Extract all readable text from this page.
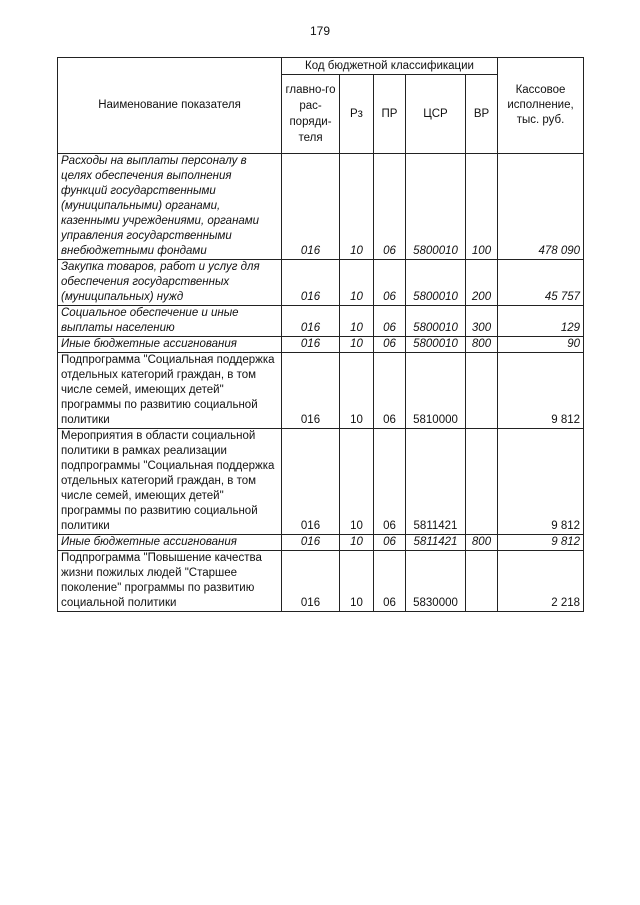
179
Наименование показателя	Код бюджетной классификации					Кассовое исполнение, тыс. руб.
	главно-го рас-поряди-теля	Рз	ПР	ЦСР	ВР	
Расходы на выплаты персоналу в целях обеспечения выполнения функций государственными (муниципальными) органами, казенными учреждениями, органами управления государственными внебюджетными фондами	016	10	06	5800010	100	478 090
Закупка товаров, работ и услуг для обеспечения государственных (муниципальных) нужд	016	10	06	5800010	200	45 757
Социальное обеспечение и иные выплаты населению	016	10	06	5800010	300	129
Иные бюджетные ассигнования	016	10	06	5800010	800	90
Подпрограмма "Социальная поддержка отдельных категорий граждан, в том числе семей, имеющих детей" программы по развитию социальной политики	016	10	06	5810000		9 812
Мероприятия в области социальной политики в рамках реализации подпрограммы "Социальная поддержка отдельных категорий граждан, в том числе семей, имеющих детей" программы по развитию социальной политики	016	10	06	5811421		9 812
Иные бюджетные ассигнования	016	10	06	5811421	800	9 812
Подпрограмма "Повышение качества жизни пожилых людей "Старшее поколение" программы по развитию социальной политики	016	10	06	5830000		2 218
